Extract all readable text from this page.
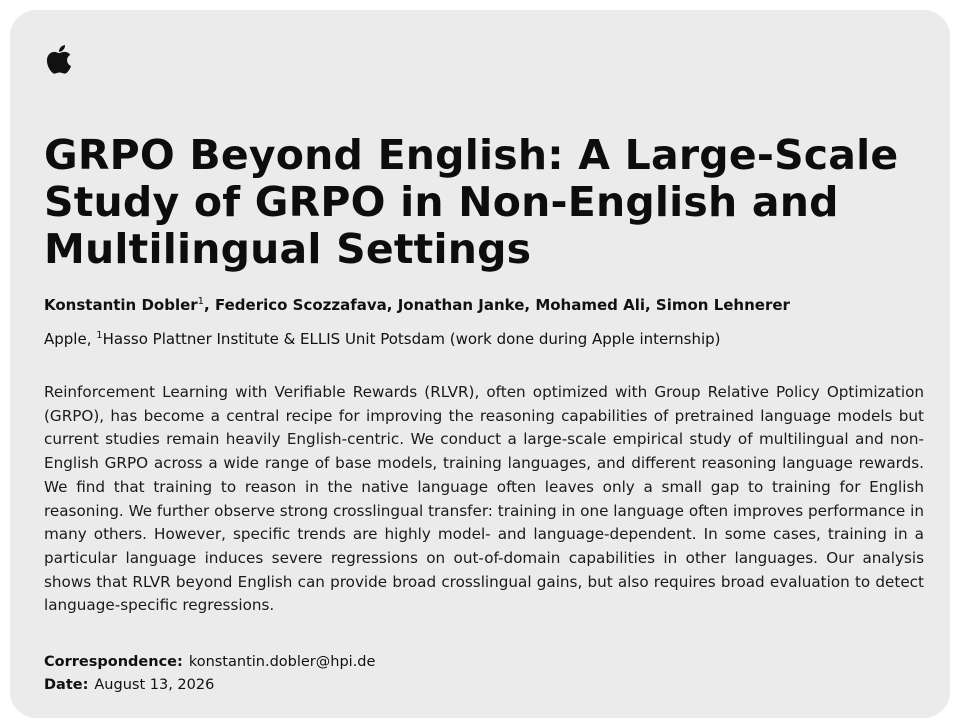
GRPO Beyond English: A Large-Scale Study of GRPO in Non-English and Multilingual Settings
Konstantin Dobler$^1$, Federico Scozzafava, Jonathan Janke, Mohamed Ali, Simon Lehnerer
Apple, $^1$Hasso Plattner Institute & ELLIS Unit Potsdam (work done during Apple internship)

Reinforcement Learning with Verifiable Rewards (RLVR), often optimized with Group Relative Policy Optimization (GRPO), has become a central recipe for improving the reasoning capabilities of pretrained language models but current studies remain heavily English-centric. We conduct a large-scale empirical study of multilingual and non-English GRPO across a wide range of base models, training languages, and different reasoning language rewards. We find that training to reason in the native language often leaves only a small gap to training for English reasoning. We further observe strong crosslingual transfer: training in one language often improves performance in many others. However, specific trends are highly model- and language-dependent. In some cases, training in a particular language induces severe regressions on out-of-domain capabilities in other languages. Our analysis shows that RLVR beyond English can provide broad crosslingual gains, but also requires broad evaluation to detect language-specific regressions.

Correspondence: konstantin.dobler@hpi.de
Date: August 13, 2026
